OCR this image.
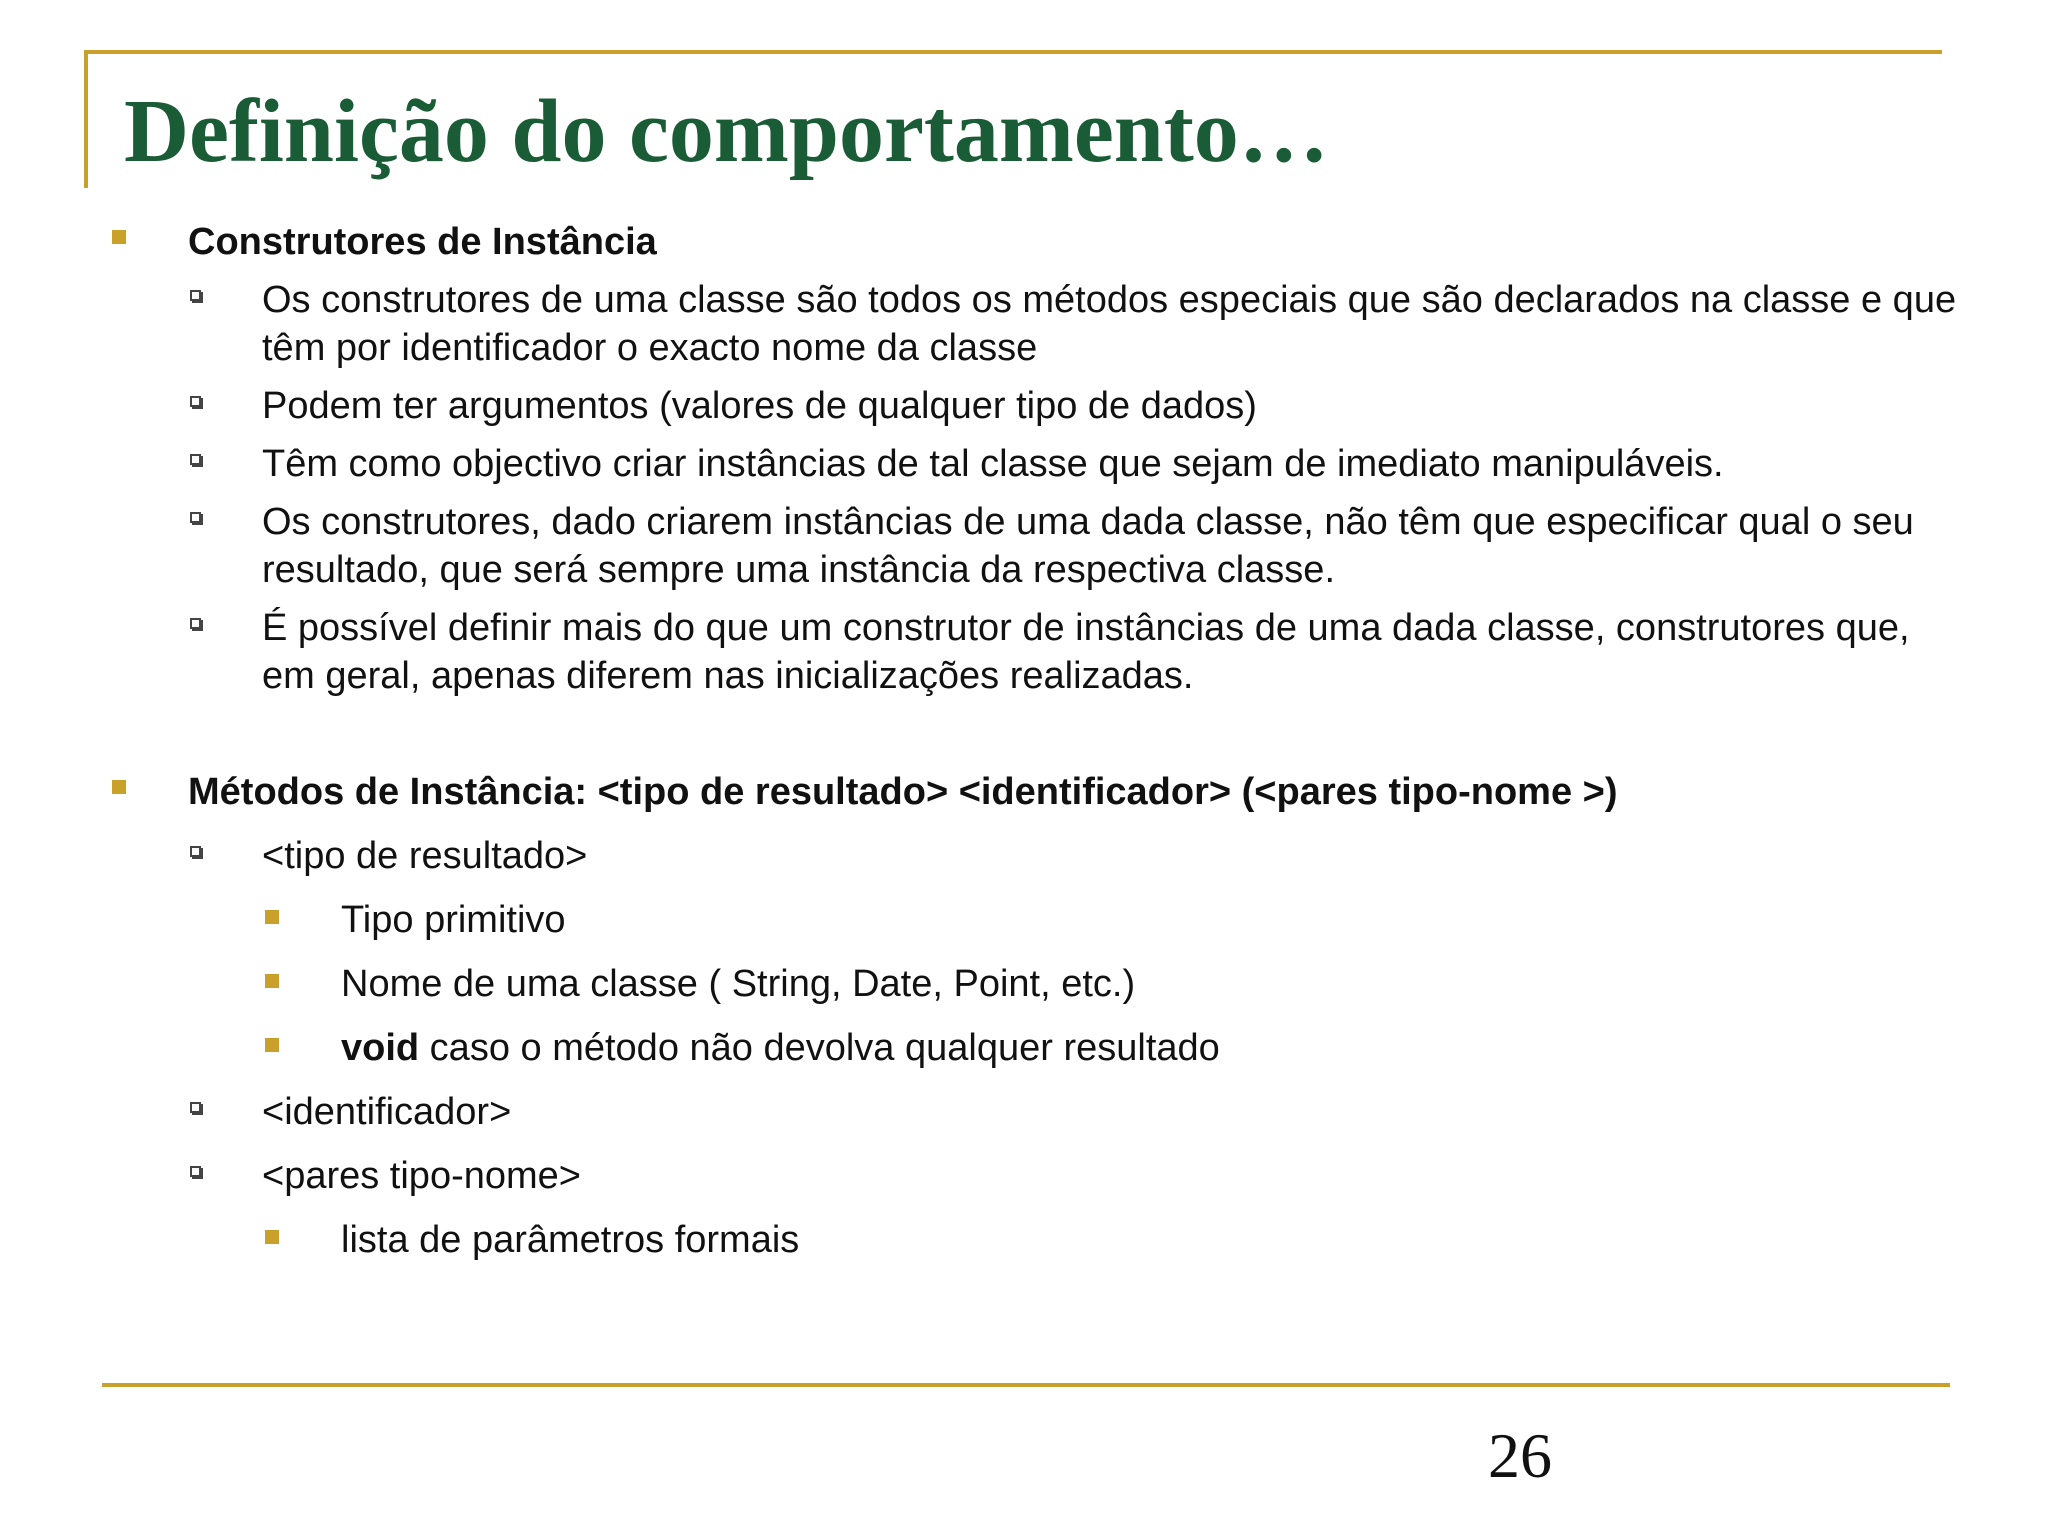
Definição do comportamento…
Construtores de Instância
Os construtores de uma classe são todos os métodos especiais que são declarados na classe e que têm por identificador o exacto nome da classe
Podem ter argumentos (valores de qualquer tipo de dados)
Têm como objectivo criar instâncias de tal classe que sejam de imediato manipuláveis.
Os construtores, dado criarem instâncias de uma dada classe, não têm que especificar qual o seu resultado, que será sempre uma instância da respectiva classe.
É possível definir mais do que um construtor de instâncias de uma dada classe, construtores que, em geral, apenas diferem nas inicializações realizadas.
Métodos de Instância: <tipo de resultado> <identificador> (<pares tipo-nome >)
<tipo de resultado>
Tipo primitivo
Nome de uma classe ( String, Date, Point, etc.)
void caso o método não devolva qualquer resultado
<identificador>
<pares tipo-nome>
lista de parâmetros formais
26
